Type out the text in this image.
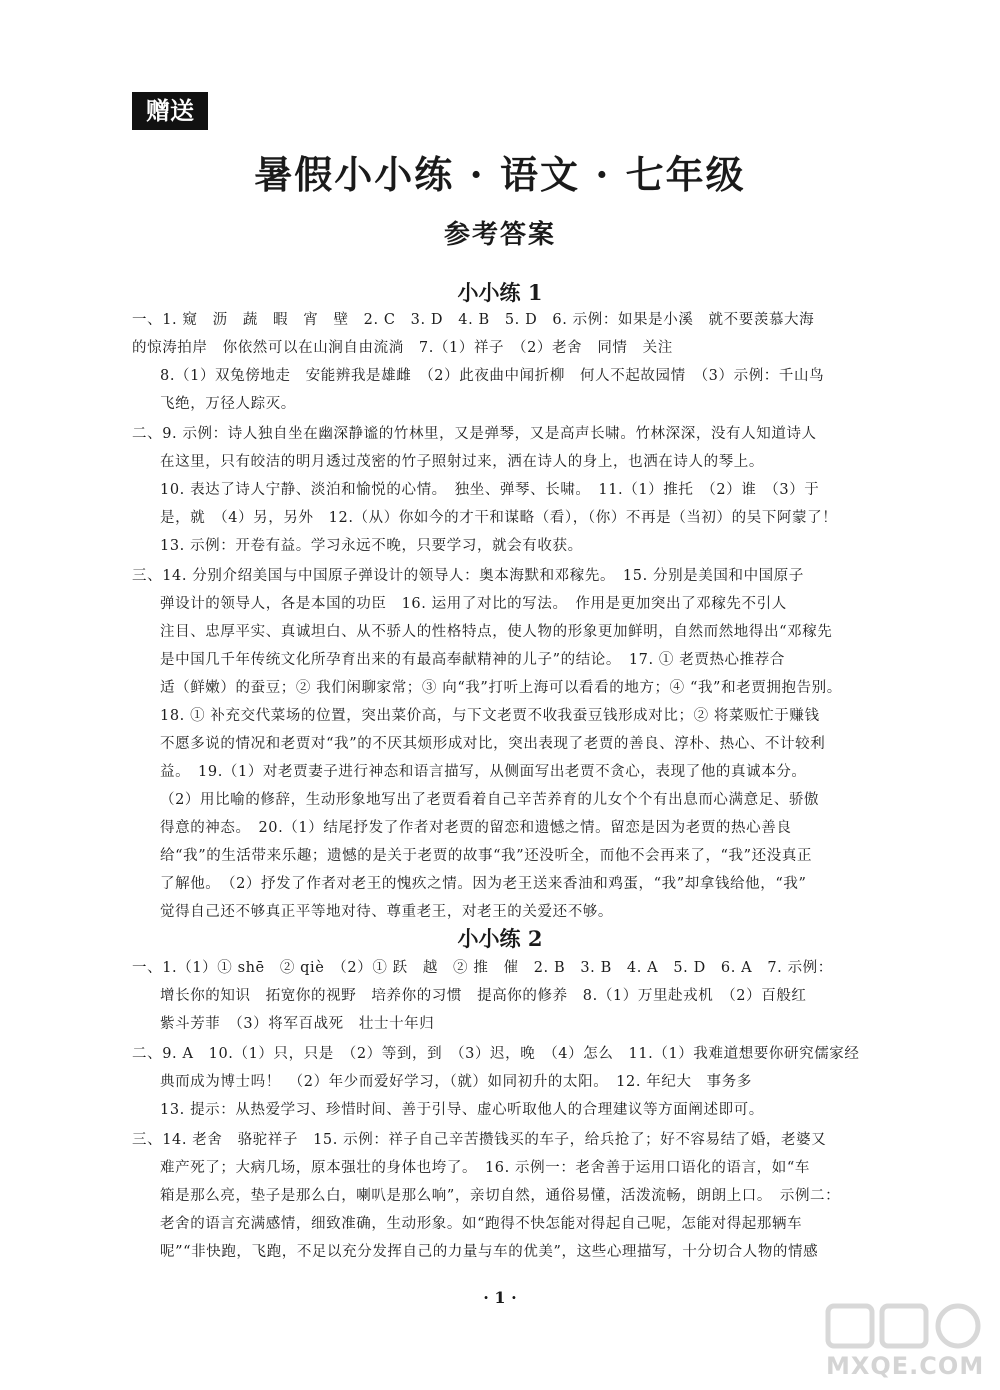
赠送
暑假小小练 · 语文 · 七年级
参考答案
小小练 1
一、1. 窥　沥　蔬　暇　宵　壁　2. C　3. D　4. B　5. D　6. 示例：如果是小溪　就不要羡慕大海
的惊涛拍岸　你依然可以在山涧自由流淌　7.（1）祥子　（2）老舍　同情　关注
8.（1）双兔傍地走　安能辨我是雄雌　（2）此夜曲中闻折柳　何人不起故园情　（3）示例：千山鸟
飞绝，万径人踪灭。
二、9. 示例：诗人独自坐在幽深静谧的竹林里，又是弹琴，又是高声长啸。竹林深深，没有人知道诗人
在这里，只有皎洁的明月透过茂密的竹子照射过来，洒在诗人的身上，也洒在诗人的琴上。
10. 表达了诗人宁静、淡泊和愉悦的心情。　独坐、弹琴、长啸。　11.（1）推托　（2）谁　（3）于
是，就　（4）另，另外　12.（从）你如今的才干和谋略（看），（你）不再是（当初）的吴下阿蒙了！
13. 示例：开卷有益。学习永远不晚，只要学习，就会有收获。
三、14. 分别介绍美国与中国原子弹设计的领导人：奥本海默和邓稼先。　15. 分别是美国和中国原子
弹设计的领导人，各是本国的功臣　16. 运用了对比的写法。　作用是更加突出了邓稼先不引人
注目、忠厚平实、真诚坦白、从不骄人的性格特点，使人物的形象更加鲜明，自然而然地得出“邓稼先
是中国几千年传统文化所孕育出来的有最高奉献精神的儿子”的结论。　17. ① 老贾热心推荐合
适（鲜嫩）的蚕豆；② 我们闲聊家常；③ 向“我”打听上海可以看看的地方；④ “我”和老贾拥抱告别。
18. ① 补充交代菜场的位置，突出菜价高，与下文老贾不收我蚕豆钱形成对比；② 将菜贩忙于赚钱
不愿多说的情况和老贾对“我”的不厌其烦形成对比，突出表现了老贾的善良、淳朴、热心、不计较利
益。　19.（1）对老贾妻子进行神态和语言描写，从侧面写出老贾不贪心，表现了他的真诚本分。
（2）用比喻的修辞，生动形象地写出了老贾看着自己辛苦养育的儿女个个有出息而心满意足、骄傲
得意的神态。　20.（1）结尾抒发了作者对老贾的留恋和遗憾之情。留恋是因为老贾的热心善良
给“我”的生活带来乐趣；遗憾的是关于老贾的故事“我”还没听全，而他不会再来了，“我”还没真正
了解他。　（2）抒发了作者对老王的愧疚之情。因为老王送来香油和鸡蛋，“我”却拿钱给他，“我”
觉得自己还不够真正平等地对待、尊重老王，对老王的关爱还不够。
小小练 2
一、1.（1）① shē　② qiè　（2）① 跃　越　② 推　催　2. B　3. B　4. A　5. D　6. A　7. 示例：
增长你的知识　拓宽你的视野　培养你的习惯　提高你的修养　8.（1）万里赴戎机　（2）百般红
紫斗芳菲　（3）将军百战死　壮士十年归
二、9. A　10.（1）只，只是　（2）等到，到　（3）迟，晚　（4）怎么　11.（1）我难道想要你研究儒家经
典而成为博士吗！　（2）年少而爱好学习，（就）如同初升的太阳。　12. 年纪大　事务多
13. 提示：从热爱学习、珍惜时间、善于引导、虚心听取他人的合理建议等方面阐述即可。
三、14. 老舍　骆驼祥子　15. 示例：祥子自己辛苦攒钱买的车子，给兵抢了；好不容易结了婚，老婆又
难产死了；大病几场，原本强壮的身体也垮了。　16. 示例一：老舍善于运用口语化的语言，如“车
箱是那么亮，垫子是那么白，喇叭是那么响”，亲切自然，通俗易懂，活泼流畅，朗朗上口。　示例二：
老舍的语言充满感情，细致准确，生动形象。如“跑得不快怎能对得起自己呢，怎能对得起那辆车
呢”“非快跑，飞跑，不足以充分发挥自己的力量与车的优美”，这些心理描写，十分切合人物的情感
· 1 ·
MXQE.COM
